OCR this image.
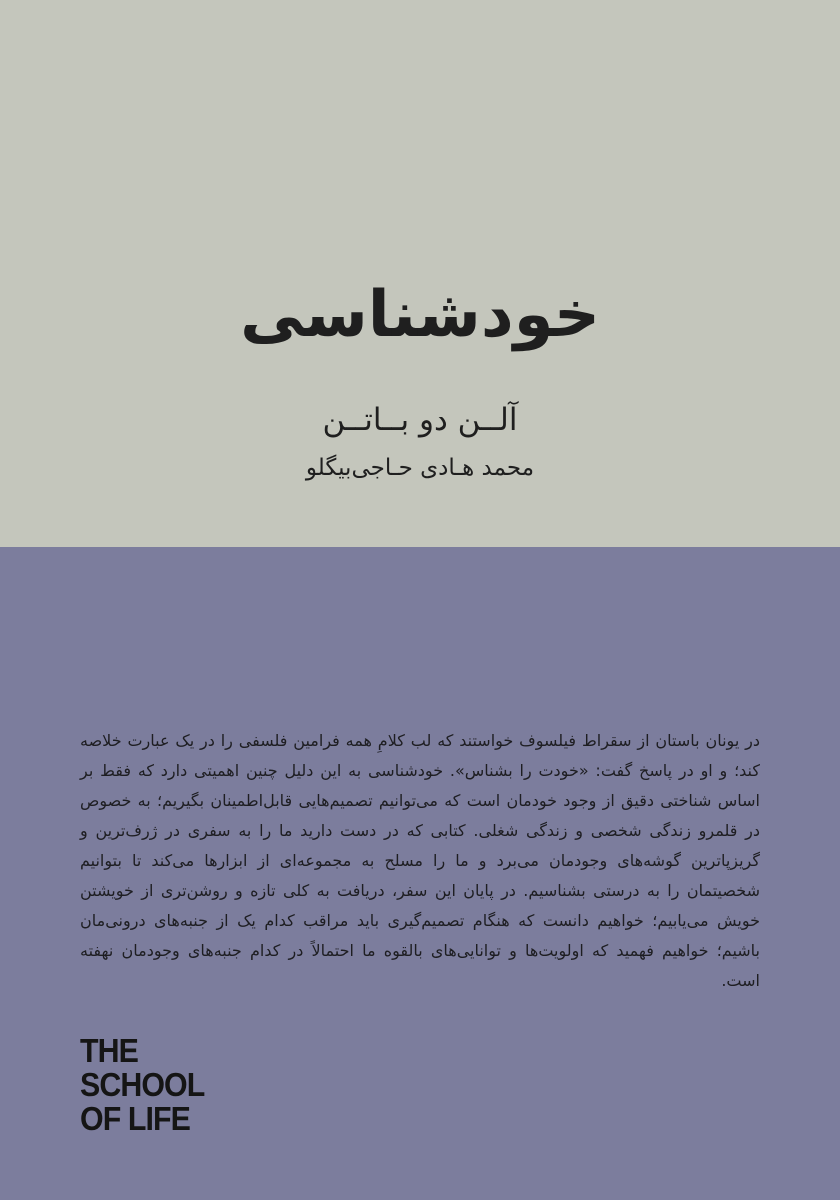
خودشناسی
آلــن دو بــاتــن
محمد هـادی حـاجی‌بیگلو

در یونان باستان از سقراط فیلسوف خواستند که لب کلامِ همه فرامین فلسفی را در یک عبارت خلاصه کند؛ و او در پاسخ گفت: «خودت را بشناس». خودشناسی به این دلیل چنین اهمیتی دارد که فقط بر اساس شناختی دقیق از وجود خودمان است که می‌توانیم تصمیم‌هایی قابل‌اطمینان بگیریم؛ به خصوص در قلمرو زندگی شخصی و زندگی شغلی. کتابی که در دست دارید ما را به سفری در ژرف‌ترین و گریزپاترین گوشه‌های وجودمان می‌برد و ما را مسلح به مجموعه‌ای از ابزارها می‌کند تا بتوانیم شخصیتمان را به درستی بشناسیم. در پایان این سفر، دریافت به کلی تازه و روشن‌تری از خویشتن خویش می‌یابیم؛ خواهیم دانست که هنگام تصمیم‌گیری باید مراقب کدام یک از جنبه‌های درونی‌مان باشیم؛ خواهیم فهمید که اولویت‌ها و توانایی‌های بالقوه ما احتمالاً در کدام جنبه‌های وجودمان نهفته است.

THE
SCHOOL
OF LIFE
